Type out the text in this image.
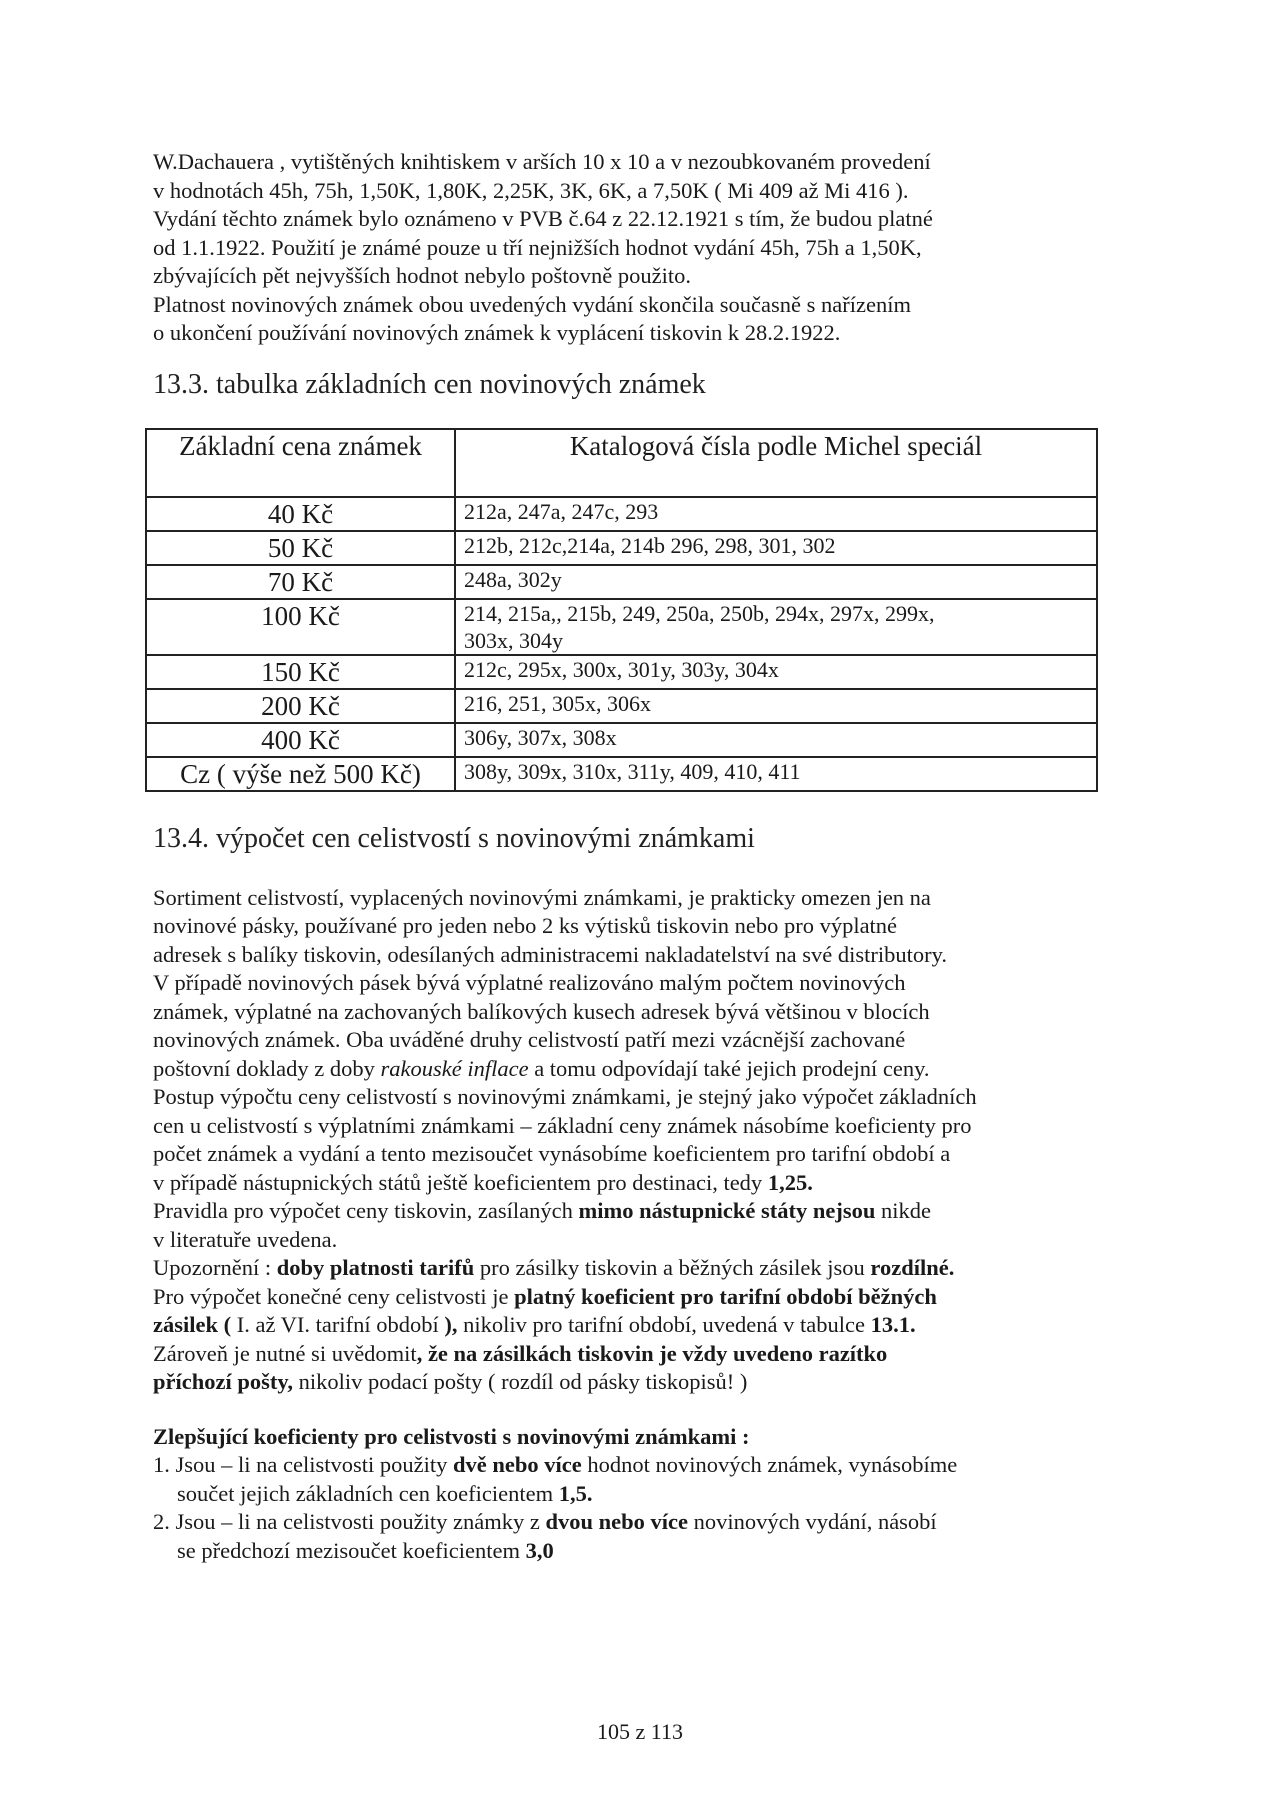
W.Dachauera , vytištěných knihtiskem v arších 10 x 10 a v nezoubkovaném provedení
v hodnotách 45h, 75h, 1,50K, 1,80K, 2,25K, 3K, 6K, a 7,50K ( Mi 409 až Mi 416 ).
Vydání těchto známek bylo oznámeno v PVB č.64 z 22.12.1921 s tím, že budou platné
od 1.1.1922. Použití je známé pouze u tří nejnižších hodnot vydání 45h, 75h a 1,50K,
zbývajících pět nejvyšších hodnot nebylo poštovně použito.
Platnost novinových známek obou uvedených vydání skončila současně s nařízením
o ukončení používání novinových známek k vyplácení tiskovin k 28.2.1922.

13.3. tabulka základních cen novinových známek
Základní cena známek	Katalogová čísla podle Michel speciál
40 Kč	212a, 247a, 247c, 293
50 Kč	212b, 212c,214a, 214b 296, 298, 301, 302
70 Kč	248a, 302y
100 Kč	214, 215a,, 215b, 249, 250a, 250b, 294x, 297x, 299x,
303x, 304y
150 Kč	212c, 295x, 300x, 301y, 303y, 304x
200 Kč	216, 251, 305x, 306x
400 Kč	306y, 307x, 308x
Cz ( výše než 500 Kč)	308y, 309x, 310x, 311y, 409, 410, 411
13.4. výpočet cen celistvostí s novinovými známkami

Sortiment celistvostí, vyplacených novinovými známkami, je prakticky omezen jen na
novinové pásky, používané pro jeden nebo 2 ks výtisků tiskovin nebo pro výplatné
adresek s balíky tiskovin, odesílaných administracemi nakladatelství na své distributory.
V případě novinových pásek bývá výplatné realizováno malým počtem novinových
známek, výplatné na zachovaných balíkových kusech adresek bývá většinou v blocích
novinových známek. Oba uváděné druhy celistvostí patří mezi vzácnější zachované
poštovní doklady z doby rakouské inflace a tomu odpovídají také jejich prodejní ceny.
Postup výpočtu ceny celistvostí s novinovými známkami, je stejný jako výpočet základních
cen u celistvostí s výplatními známkami – základní ceny známek násobíme koeficienty pro
počet známek a vydání a tento mezisoučet vynásobíme koeficientem pro tarifní období a
v případě nástupnických států ještě koeficientem pro destinaci, tedy 1,25.
Pravidla pro výpočet ceny tiskovin, zasílaných mimo nástupnické státy nejsou nikde
v literatuře uvedena.
Upozornění : doby platnosti tarifů pro zásilky tiskovin a běžných zásilek jsou rozdílné.
Pro výpočet konečné ceny celistvosti je platný koeficient pro tarifní období běžných
zásilek ( I. až VI. tarifní období ), nikoliv pro tarifní období, uvedená v tabulce 13.1.
Zároveň je nutné si uvědomit, že na zásilkách tiskovin je vždy uvedeno razítko
příchozí pošty, nikoliv podací pošty ( rozdíl od pásky tiskopisů! )

Zlepšující koeficienty pro celistvosti s novinovými známkami :

1. Jsou – li na celistvosti použity dvě nebo více hodnot novinových známek, vynásobíme
součet jejich základních cen koeficientem 1,5.
2. Jsou – li na celistvosti použity známky z dvou nebo více novinových vydání, násobí
se předchozí mezisoučet koeficientem 3,0
105 z 113
